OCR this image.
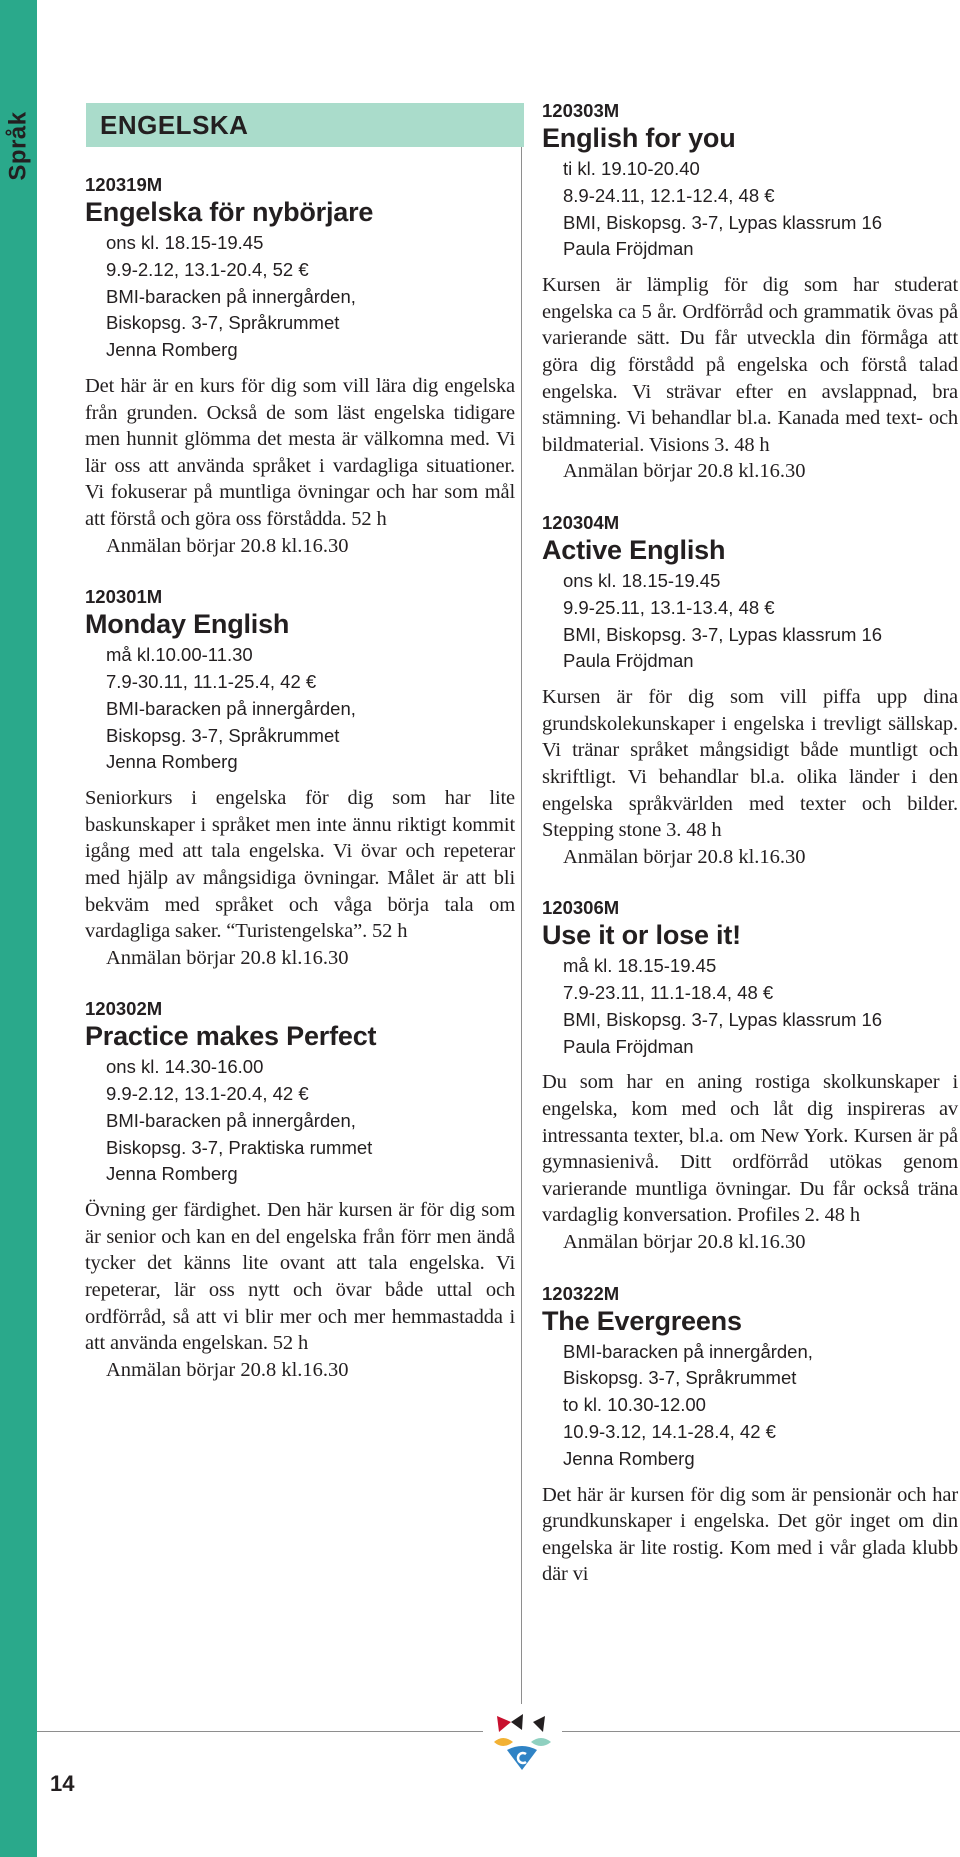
Språk
14
ENGELSKA
120319M
Engelska för nybörjare
ons kl. 18.15-19.45
9.9-2.12, 13.1-20.4, 52 €
BMI-baracken på innergården,
Biskopsg. 3-7, Språkrummet
Jenna Romberg
Det här är en kurs för dig som vill lära dig engelska från grunden. Också de som läst engelska tidigare men hunnit glömma det mesta är välkomna med. Vi lär oss att använda språket i vardagliga situationer. Vi fokuserar på muntliga övningar och har som mål att förstå och göra oss förstådda. 52 h
Anmälan börjar 20.8 kl.16.30
120301M
Monday English
må kl.10.00-11.30
7.9-30.11, 11.1-25.4, 42 €
BMI-baracken på innergården,
Biskopsg. 3-7, Språkrummet
Jenna Romberg
Seniorkurs i engelska för dig som har lite baskunskaper i språket men inte ännu riktigt kommit igång med att tala engelska. Vi övar och repeterar med hjälp av mångsidiga övningar. Målet är att bli bekväm med språket och våga börja tala om vardagliga saker. “Turistengelska”. 52 h
Anmälan börjar 20.8 kl.16.30
120302M
Practice makes Perfect
ons kl. 14.30-16.00
9.9-2.12, 13.1-20.4, 42 €
BMI-baracken på innergården,
Biskopsg. 3-7, Praktiska rummet
Jenna Romberg
Övning ger färdighet. Den här kursen är för dig som är senior och kan en del engelska från förr men ändå tycker det känns lite ovant att tala engelska. Vi repeterar, lär oss nytt och övar både uttal och ordförråd, så att vi blir mer och mer hemmastadda i att använda engelskan. 52 h
Anmälan börjar 20.8 kl.16.30
120303M
English for you
ti kl. 19.10-20.40
8.9-24.11, 12.1-12.4, 48 €
BMI, Biskopsg. 3-7, Lypas klassrum 16
Paula Fröjdman
Kursen är lämplig för dig som har studerat engelska ca 5 år. Ordförråd och grammatik övas på varierande sätt. Du får utveckla din förmåga att göra dig förstådd på engelska och förstå talad engelska. Vi strävar efter en avslappnad, bra stämning. Vi behandlar bl.a. Kanada med text- och bildmaterial. Visions 3. 48 h
Anmälan börjar 20.8 kl.16.30
120304M
Active English
ons kl. 18.15-19.45
9.9-25.11, 13.1-13.4, 48 €
BMI, Biskopsg. 3-7, Lypas klassrum 16
Paula Fröjdman
Kursen är för dig som vill piffa upp dina grundskolekunskaper i engelska i trevligt sällskap. Vi tränar språket mångsidigt både muntligt och skriftligt. Vi behandlar bl.a. olika länder i den engelska språkvärlden med texter och bilder. Stepping stone 3. 48 h
Anmälan börjar 20.8 kl.16.30
120306M
Use it or lose it!
må kl. 18.15-19.45
7.9-23.11, 11.1-18.4, 48 €
BMI, Biskopsg. 3-7, Lypas klassrum 16
Paula Fröjdman
Du som har en aning rostiga skolkunskaper i engelska, kom med och låt dig inspireras av intressanta texter, bl.a. om New York. Kursen är på gymnasienivå. Ditt ordförråd utökas genom varierande muntliga övningar. Du får också träna vardaglig konversation. Profiles 2. 48 h
Anmälan börjar 20.8 kl.16.30
120322M
The Evergreens
BMI-baracken på innergården,
Biskopsg. 3-7, Språkrummet
to kl. 10.30-12.00
10.9-3.12, 14.1-28.4, 42 €
Jenna Romberg
Det här är kursen för dig som är pensionär och har grundkunskaper i engelska. Det gör inget om din engelska är lite rostig. Kom med i vår glada klubb där vi
